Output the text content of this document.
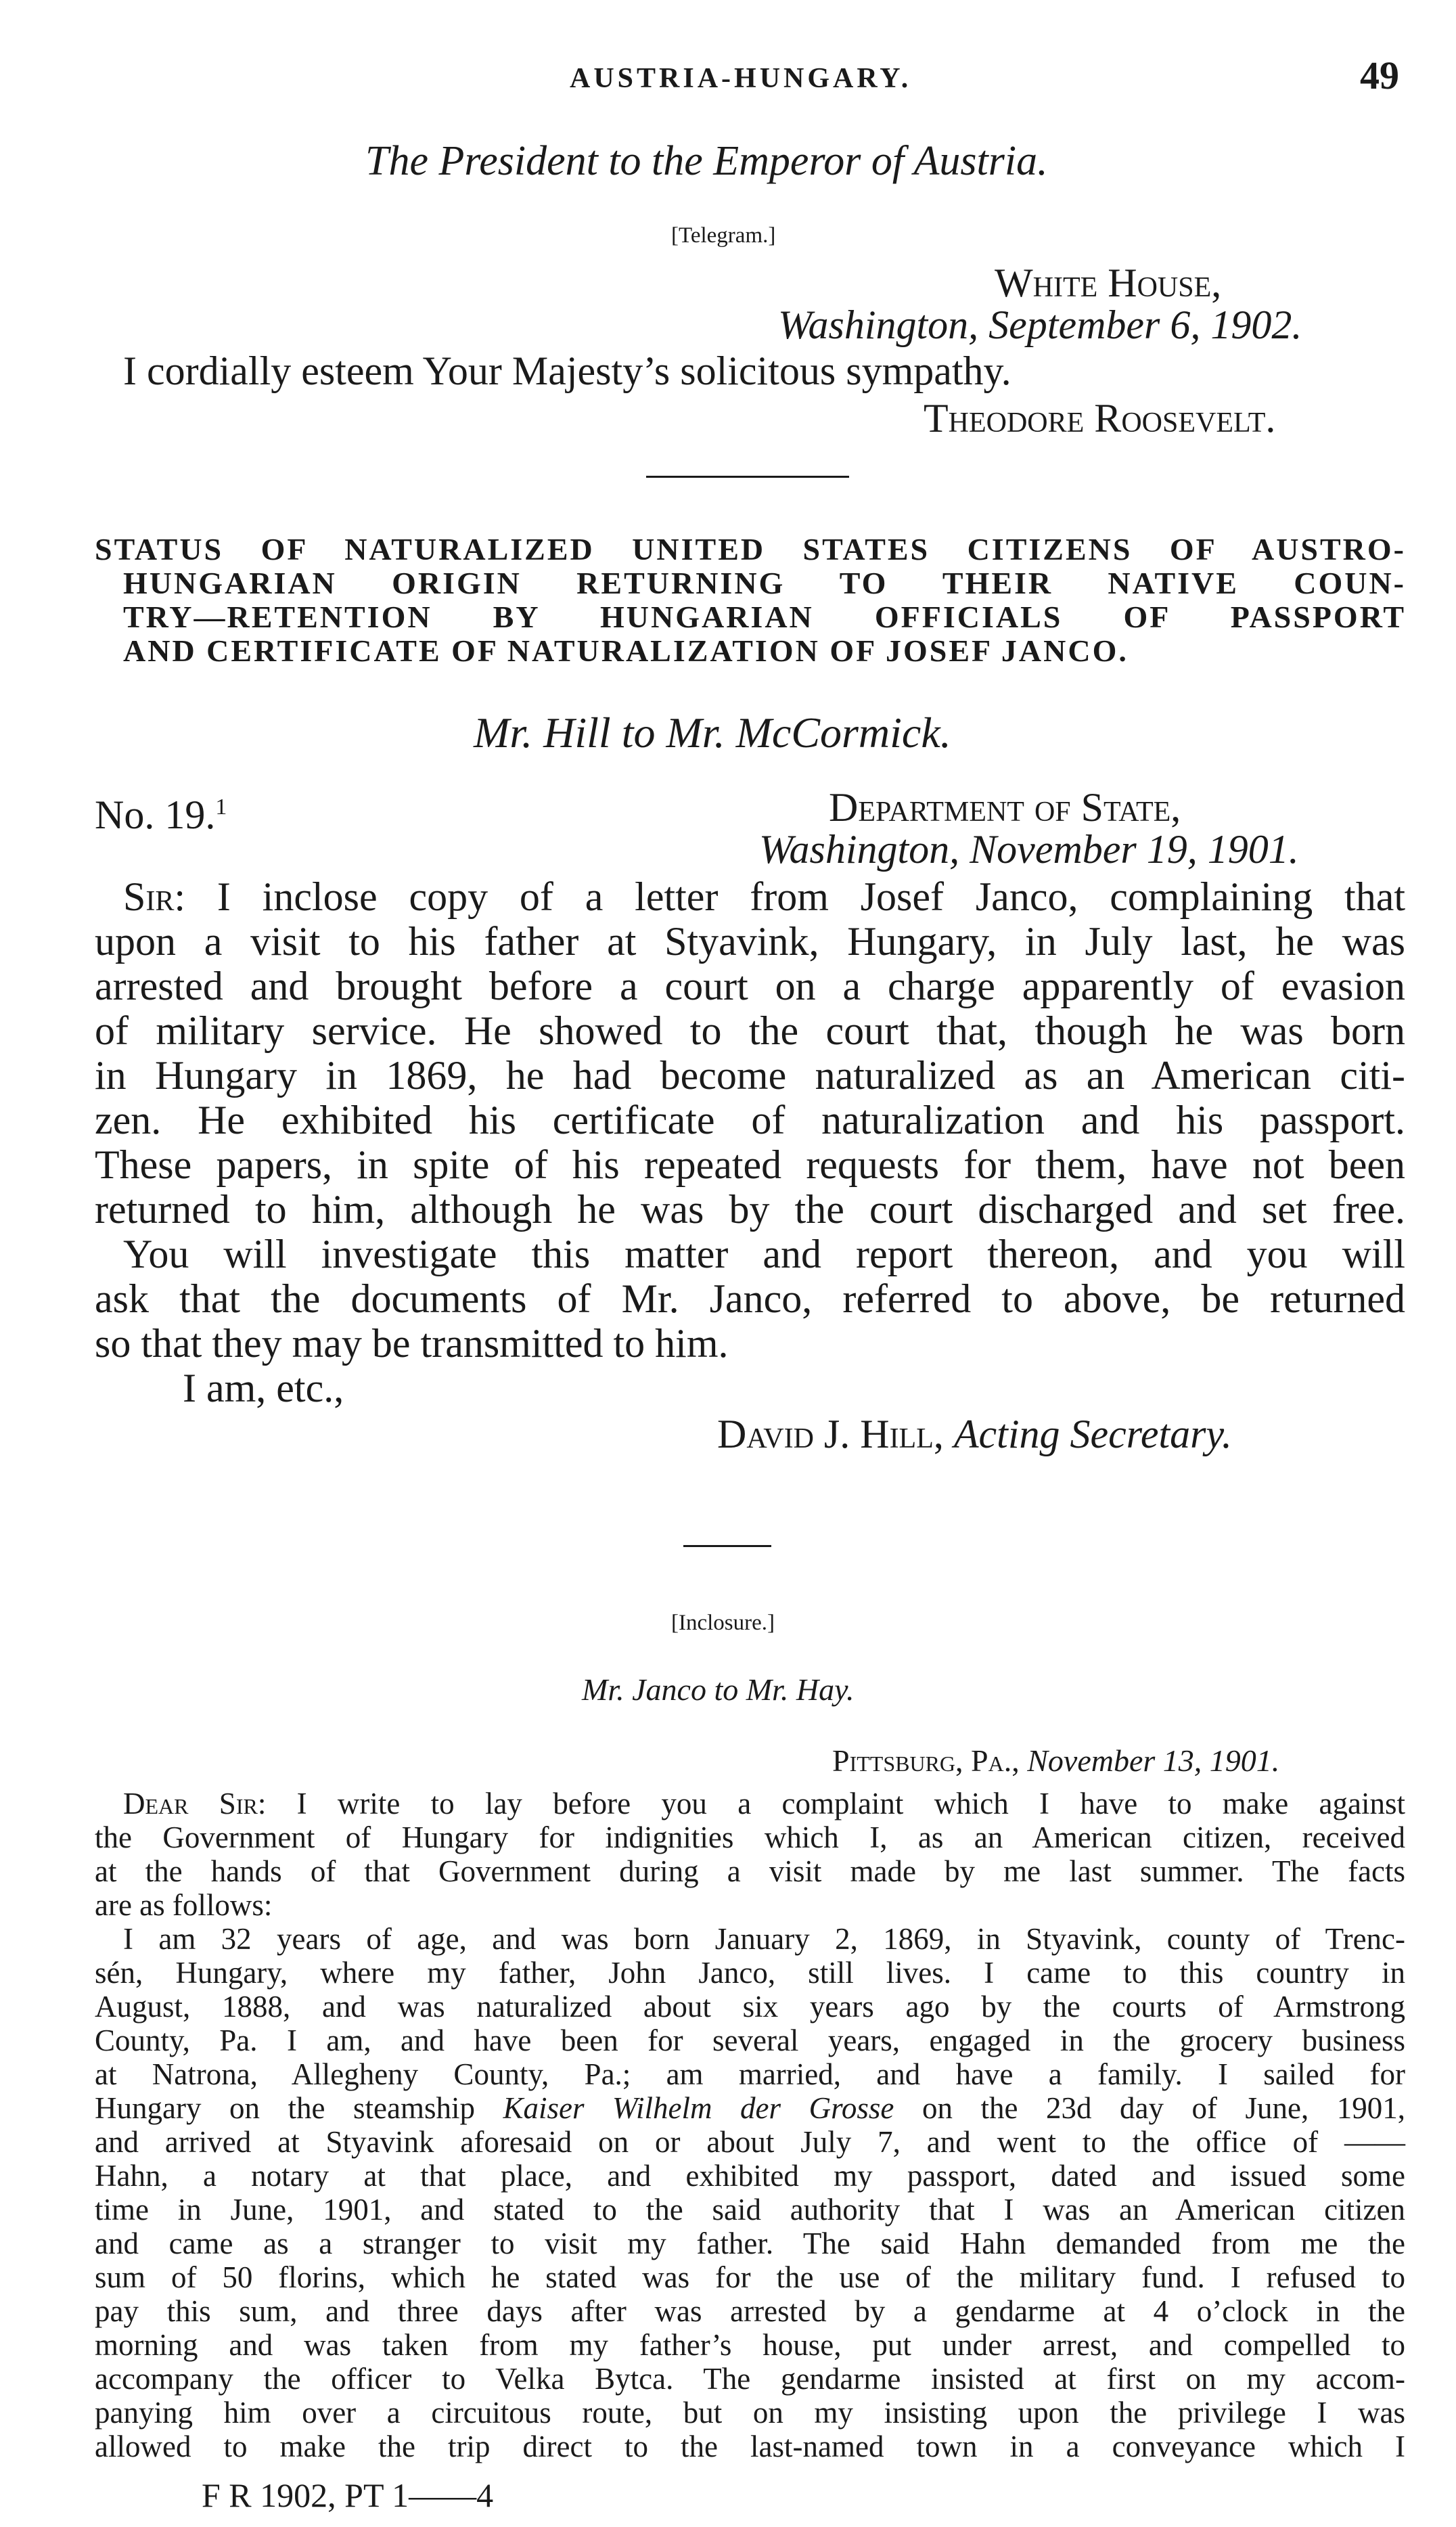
AUSTRIA-HUNGARY.	49
The President to the Emperor of Austria.
[Telegram.]
White House,
Washington, September 6, 1902.
I cordially esteem Your Majesty’s solicitous sympathy.
Theodore Roosevelt.
STATUS OF NATURALIZED UNITED STATES CITIZENS OF AUSTRO-
HUNGARIAN ORIGIN RETURNING TO THEIR NATIVE COUN-
TRY—RETENTION BY HUNGARIAN OFFICIALS OF PASSPORT
AND CERTIFICATE OF NATURALIZATION OF JOSEF JANCO.
Mr. Hill to Mr. McCormick.
No. 19.$^1$	Department of State,
Washington, November 19, 1901.
Sir: I inclose copy of a letter from Josef Janco, complaining that
upon a visit to his father at Styavink, Hungary, in July last, he was
arrested and brought before a court on a charge apparently of evasion
of military service. He showed to the court that, though he was born
in Hungary in 1869, he had become naturalized as an American citi-
zen. He exhibited his certificate of naturalization and his passport.
These papers, in spite of his repeated requests for them, have not been
returned to him, although he was by the court discharged and set free.
You will investigate this matter and report thereon, and you will
ask that the documents of Mr. Janco, referred to above, be returned
so that they may be transmitted to him.
I am, etc.,
David J. Hill, Acting Secretary.
[Inclosure.]
Mr. Janco to Mr. Hay.
Pittsburg, Pa., November 13, 1901.
Dear Sir: I write to lay before you a complaint which I have to make against
the Government of Hungary for indignities which I, as an American citizen, received
at the hands of that Government during a visit made by me last summer. The facts
are as follows:
I am 32 years of age, and was born January 2, 1869, in Styavink, county of Trenc-
sén, Hungary, where my father, John Janco, still lives. I came to this country in
August, 1888, and was naturalized about six years ago by the courts of Armstrong
County, Pa. I am, and have been for several years, engaged in the grocery business
at Natrona, Allegheny County, Pa.; am married, and have a family. I sailed for
Hungary on the steamship Kaiser Wilhelm der Grosse on the 23d day of June, 1901,
and arrived at Styavink aforesaid on or about July 7, and went to the office of ——
Hahn, a notary at that place, and exhibited my passport, dated and issued some
time in June, 1901, and stated to the said authority that I was an American citizen
and came as a stranger to visit my father. The said Hahn demanded from me the
sum of 50 florins, which he stated was for the use of the military fund. I refused to
pay this sum, and three days after was arrested by a gendarme at 4 o’clock in the
morning and was taken from my father’s house, put under arrest, and compelled to
accompany the officer to Velka Bytca. The gendarme insisted at first on my accom-
panying him over a circuitous route, but on my insisting upon the privilege I was
allowed to make the trip direct to the last-named town in a conveyance which I
F R 1902, PT 1——4
